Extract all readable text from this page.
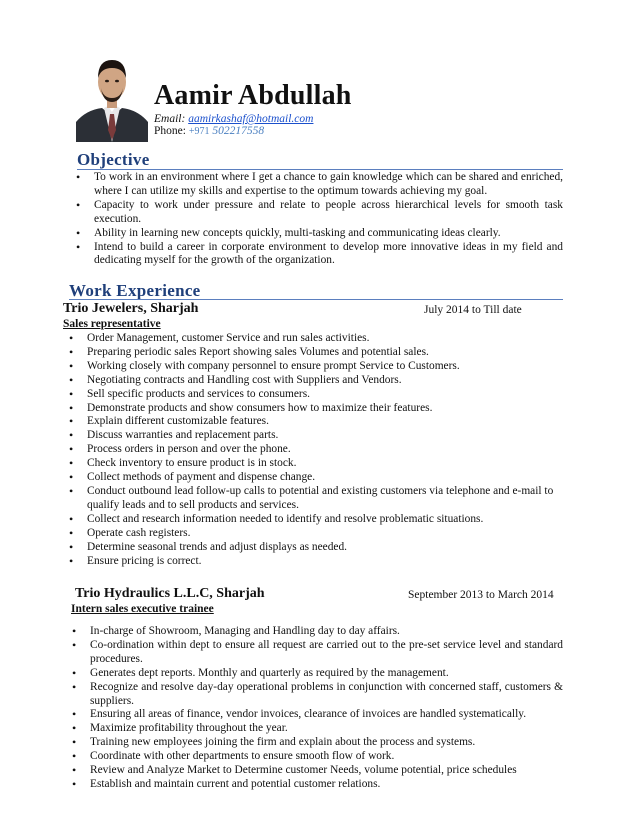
Aamir Abdullah
Email: aamirkashaf@hotmail.com
Phone: +971 502217558
Objective
• To work in an environment where I get a chance to gain knowledge which can be shared and enriched, where I can utilize my skills and expertise to the optimum towards achieving my goal.
• Capacity to work under pressure and relate to people across hierarchical levels for smooth task execution.
• Ability in learning new concepts quickly, multi-tasking and communicating ideas clearly.
• Intend to build a career in corporate environment to develop more innovative ideas in my field and dedicating myself for the growth of the organization.
Work Experience
Trio Jewelers, Sharjah	July 2014 to Till date
Sales representative
• Order Management, customer Service and run sales activities.
• Preparing periodic sales Report showing sales Volumes and potential sales.
• Working closely with company personnel to ensure prompt Service to Customers.
• Negotiating contracts and Handling cost with Suppliers and Vendors.
• Sell specific products and services to consumers.
• Demonstrate products and show consumers how to maximize their features.
• Explain different customizable features.
• Discuss warranties and replacement parts.
• Process orders in person and over the phone.
• Check inventory to ensure product is in stock.
• Collect methods of payment and dispense change.
• Conduct outbound lead follow-up calls to potential and existing customers via telephone and e-mail to qualify leads and to sell products and services.
• Collect and research information needed to identify and resolve problematic situations.
• Operate cash registers.
• Determine seasonal trends and adjust displays as needed.
• Ensure pricing is correct.
Trio Hydraulics L.L.C, Sharjah	September 2013 to March 2014
Intern sales executive trainee
• In-charge of Showroom, Managing and Handling day to day affairs.
• Co-ordination within dept to ensure all request are carried out to the pre-set service level and standard procedures.
• Generates dept reports. Monthly and quarterly as required by the management.
• Recognize and resolve day-day operational problems in conjunction with concerned staff, customers & suppliers.
• Ensuring all areas of finance, vendor invoices, clearance of invoices are handled systematically.
• Maximize profitability throughout the year.
• Training new employees joining the firm and explain about the process and systems.
• Coordinate with other departments to ensure smooth flow of work.
• Review and Analyze Market to Determine customer Needs, volume potential, price schedules
• Establish and maintain current and potential customer relations.
